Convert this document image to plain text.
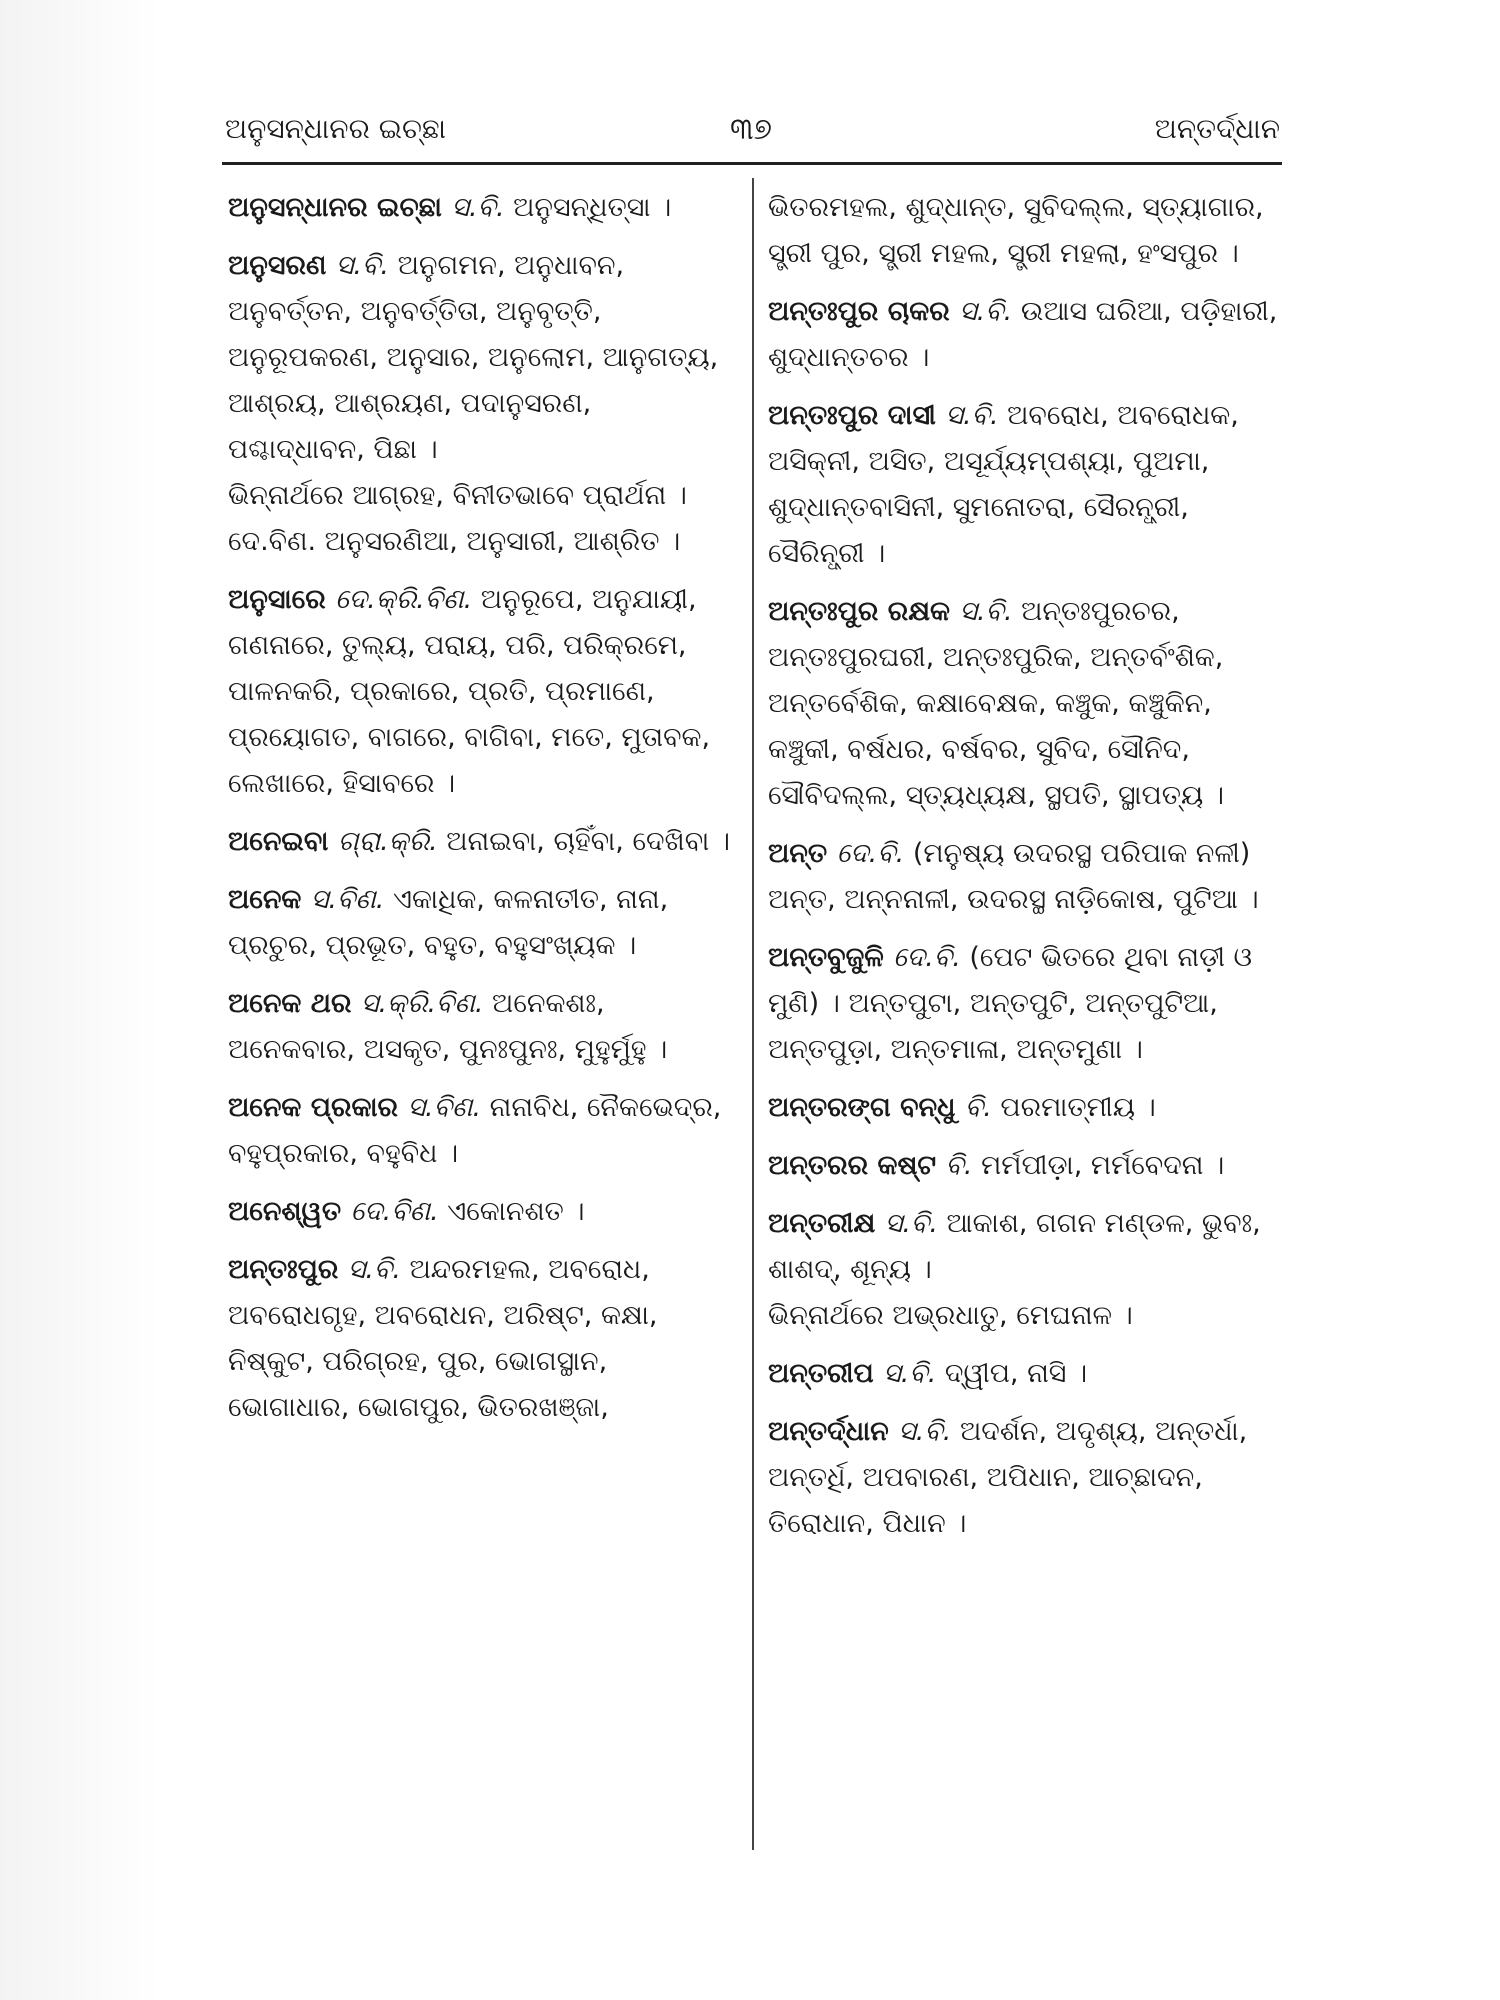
ଅନୁସନ୍ଧାନର ଇଚ୍ଛା	୩୭	ଅନ୍ତର୍ଦ୍ଧାନ

ଅନୁସନ୍ଧାନର ଇଚ୍ଛା ସ.ବି. ଅନୁସନ୍ଧିତ୍ସା ।

ଅନୁସରଣ ସ.ବି. ଅନୁଗମନ, ଅନୁଧାବନ, ଅନୁବର୍ତ୍ତନ, ଅନୁବର୍ତ୍ତିତା, ଅନୁବୃତ୍ତି, ଅନୁରୂପକରଣ, ଅନୁସାର, ଅନୁଲୋମ, ଆନୁଗତ୍ୟ, ଆଶ୍ରୟ, ଆଶ୍ରୟଣ, ପଦାନୁସରଣ, ପଶ୍ଚାଦ୍‌ଧାବନ, ପିଛା ।

ଭିନ୍ନାର୍ଥରେ ଆଗ୍ରହ, ବିନୀତଭାବେ ପ୍ରାର୍ଥନା ।

ଦେ.ବିଣ. ଅନୁସରଣିଆ, ଅନୁସାରୀ, ଆଶ୍ରିତ ।

ଅନୁସାରେ ଦେ.କ୍ରି.ବିଣ. ଅନୁରୂପେ, ଅନୁଯାୟୀ, ଗଣନାରେ, ତୁଲ୍ୟ, ପରାୟ, ପରି, ପରିକ୍ରମେ, ପାଳନକରି, ପ୍ରକାରେ, ପ୍ରତି, ପ୍ରମାଣେ, ପ୍ରୟୋଗତ, ବାଗରେ, ବାଗିବା, ମତେ, ମୁତାବକ, ଲେଖାରେ, ହିସାବରେ ।

ଅନେଇବା ଗ୍ରା.କ୍ରି. ଅନାଇବା, ଚାହିଁବା, ଦେଖିବା ।

ଅନେକ ସ.ବିଣ. ଏକାଧିକ, କଳନାତୀତ, ନାନା, ପ୍ରଚୁର, ପ୍ରଭୂତ, ବହୁତ, ବହୁସଂଖ୍ୟକ ।

ଅନେକ ଥର ସ.କ୍ରି.ବିଣ. ଅନେକଶଃ, ଅନେକବାର, ଅସକୃତ, ପୁନଃପୁନଃ, ମୁହୁର୍ମୁହୁ ।

ଅନେକ ପ୍ରକାର ସ.ବିଣ. ନାନାବିଧ, ନୈକଭେଦ୍ର, ବହୁପ୍ରକାର, ବହୁବିଧ ।

ଅନେଶ୍ୱତ ଦେ.ବିଣ. ଏକୋନଶତ ।

ଅନ୍ତଃପୁର ସ.ବି. ଅନ୍ଦରମହଲ, ଅବରୋଧ, ଅବରୋଧଗୃହ, ଅବରୋଧନ, ଅରିଷ୍ଟ, କକ୍ଷା, ନିଷ୍କୁଟ, ପରିଗ୍ରହ, ପୁର, ଭୋଗସ୍ଥାନ, ଭୋଗାଧାର, ଭୋଗପୁର, ଭିତରଖଞ୍ଜା,

ଭିତରମହଲ, ଶୁଦ୍ଧାନ୍ତ, ସୁବିଦଲ୍ଲ, ସ୍ତ୍ୟାଗାର, ସ୍ତ୍ରୀ ପୁର, ସ୍ତ୍ରୀ ମହଲ, ସ୍ତ୍ରୀ ମହଲା, ହଂସପୁର ।

ଅନ୍ତଃପୁର ଚାକର ସ.ବି. ଉଆସ ଘରିଆ, ପଡ଼ିହାରୀ, ଶୁଦ୍ଧାନ୍ତଚର ।

ଅନ୍ତଃପୁର ଦାସୀ ସ.ବି. ଅବରୋଧ, ଅବରୋଧକ, ଅସିକ୍ନୀ, ଅସିତ, ଅସୂର୍ଯ୍ୟମ୍ପଶ୍ୟା, ପୁଅମା, ଶୁଦ୍ଧାନ୍ତବାସିନୀ, ସୁମନୋତରା, ସୈରନ୍ଧ୍ରୀ, ସୈରିନ୍ଧ୍ରୀ ।

ଅନ୍ତଃପୁର ରକ୍ଷକ ସ.ବି. ଅନ୍ତଃପୁରଚର, ଅନ୍ତଃପୁରଘରୀ, ଅନ୍ତଃପୁରିକ, ଅନ୍ତର୍ବଂଶିକ, ଅନ୍ତର୍ବେଶିକ, କକ୍ଷାବେକ୍ଷକ, କଞ୍ଚୁକ, କଞ୍ଚୁକିନ, କଞ୍ଚୁକୀ, ବର୍ଷଧର, ବର୍ଷବର, ସୁବିଦ, ସୌନିଦ, ସୌବିଦଲ୍ଲ, ସ୍ତ୍ୟଧ୍ୟକ୍ଷ, ସ୍ଥପତି, ସ୍ଥାପତ୍ୟ ।

ଅନ୍ତ ଦେ.ବି. (ମନୁଷ୍ୟ ଉଦରସ୍ଥ ପରିପାକ ନଳୀ) ଅନ୍ତ, ଅନ୍ନନାଳୀ, ଉଦରସ୍ଥ ନାଡ଼ିକୋଷ, ପୁଟିଆ ।

ଅନ୍ତବୁଜୁଳି ଦେ.ବି. (ପେଟ ଭିତରେ ଥିବା ନାଡ଼ୀ ଓ ମୁଣି) । ଅନ୍ତପୁଟା, ଅନ୍ତପୁଟି, ଅନ୍ତପୁଟିଆ, ଅନ୍ତପୁଡ଼ା, ଅନ୍ତମାଳା, ଅନ୍ତମୁଣା ।

ଅନ୍ତରଙ୍ଗ ବନ୍ଧୁ ବି. ପରମାତ୍ମୀୟ ।

ଅନ୍ତରର କଷ୍ଟ ବି. ମର୍ମପୀଡ଼ା, ମର୍ମବେଦନା ।

ଅନ୍ତରୀକ୍ଷ ସ.ବି. ଆକାଶ, ଗଗନ ମଣ୍ଡଳ, ଭୁବଃ, ଶାଶଦ୍, ଶୂନ୍ୟ ।

ଭିନ୍ନାର୍ଥରେ ଅଭ୍ରଧାତୁ, ମେଘନାଳ ।

ଅନ୍ତରୀପ ସ.ବି. ଦ୍ୱୀପ, ନାସି ।

ଅନ୍ତର୍ଦ୍ଧାନ ସ.ବି. ଅଦର୍ଶନ, ଅଦୃଶ୍ୟ, ଅନ୍ତର୍ଧା, ଅନ୍ତର୍ଧି, ଅପବାରଣ, ଅପିଧାନ, ଆଚ୍ଛାଦନ, ତିରୋଧାନ, ପିଧାନ ।
